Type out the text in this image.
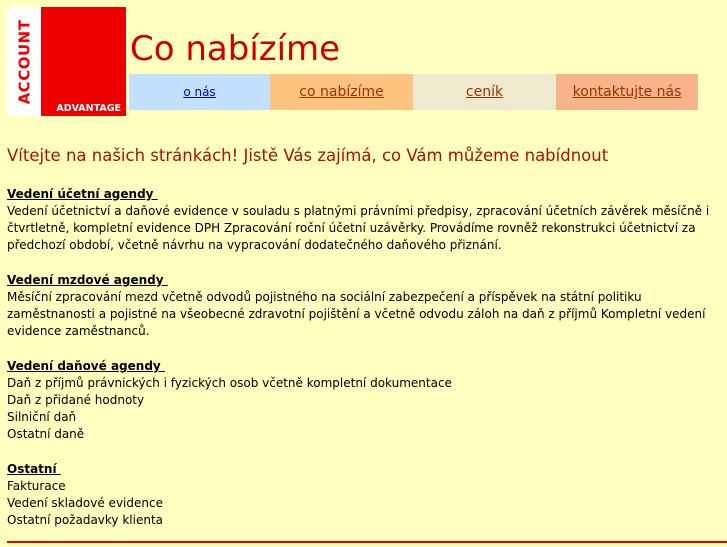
ACCOUNT
ADVANTAGE
Co nabízíme
o nás	co nabízíme	ceník	kontaktujte nás
Vítejte na našich stránkách! Jistě Vás zajímá, co Vám můžeme nabídnout
Vedení účetní agendy

Vedení účetnictví a daňové evidence v souladu s platnými právními předpisy, zpracování účetních závěrek měsíčně i čtvrtletně, kompletní evidence DPH Zpracování roční účetní uzávěrky. Provádíme rovněž rekonstrukci účetnictví za předchozí období, včetně návrhu na vypracování dodatečného daňového přiznání.

Vedení mzdové agendy

Měsíční zpracování mezd včetně odvodů pojistného na sociální zabezpečení a příspěvek na státní politiku zaměstnanosti a pojistné na všeobecné zdravotní pojištění a včetně odvodu záloh na daň z příjmů Kompletní vedení evidence zaměstnanců.

Vedení daňové agendy
Daň z příjmů právnických i fyzických osob včetně kompletní dokumentace
Daň z přidané hodnoty
Silniční daň
Ostatní daně
Ostatní
Fakturace
Vedení skladové evidence
Ostatní požadavky klienta
